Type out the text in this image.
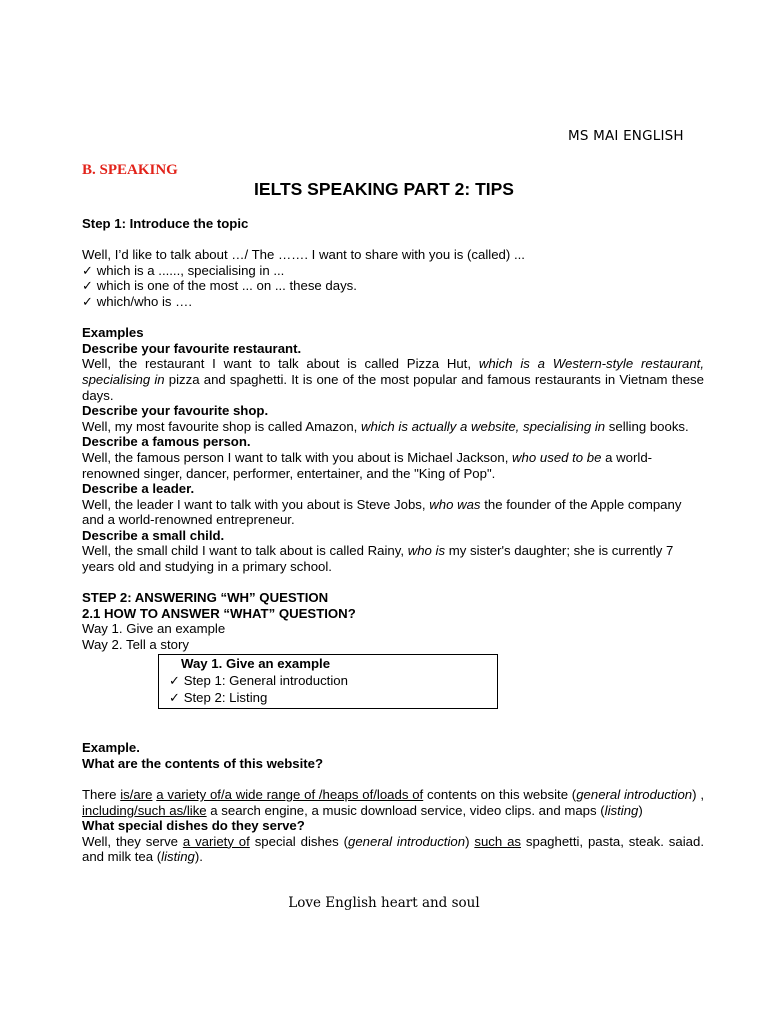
MS MAI ENGLISH
B. SPEAKING
IELTS SPEAKING PART 2: TIPS

Step 1: Introduce the topic

Well, I’d like to talk about …/ The ……. I want to share with you is (called) ...

✓ which is a ......, specialising in ...

✓ which is one of the most ... on ... these days.

✓ which/who is ….

Examples

Describe your favourite restaurant.

Well, the restaurant I want to talk about is called Pizza Hut, which is a Western-style restaurant, specialising in pizza and spaghetti. It is one of the most popular and famous restaurants in Vietnam these days.

Describe your favourite shop.

Well, my most favourite shop is called Amazon, which is actually a website, specialising in selling books.

Describe a famous person.

Well, the famous person I want to talk with you about is Michael Jackson, who used to be a world-renowned singer, dancer, performer, entertainer, and the "King of Pop".

Describe a leader.

Well, the leader I want to talk with you about is Steve Jobs, who was the founder of the Apple company and a world-renowned entrepreneur.

Describe a small child.

Well, the small child I want to talk about is called Rainy, who is my sister's daughter; she is currently 7 years old and studying in a primary school.

STEP 2: ANSWERING “WH” QUESTION

2.1 HOW TO ANSWER “WHAT” QUESTION?

Way 1. Give an example

Way 2. Tell a story

Way 1. Give an example
✓ Step 1: General introduction
✓ Step 2: Listing

Example.

What are the contents of this website?

There is/are a variety of/a wide range of /heaps of/loads of contents on this website (general introduction) , including/such as/like a search engine, a music download service, video clips. and maps (listing)

What special dishes do they serve?

Well, they serve a variety of special dishes (general introduction) such as spaghetti, pasta, steak. saiad. and milk tea (listing).

Love English heart and soul
